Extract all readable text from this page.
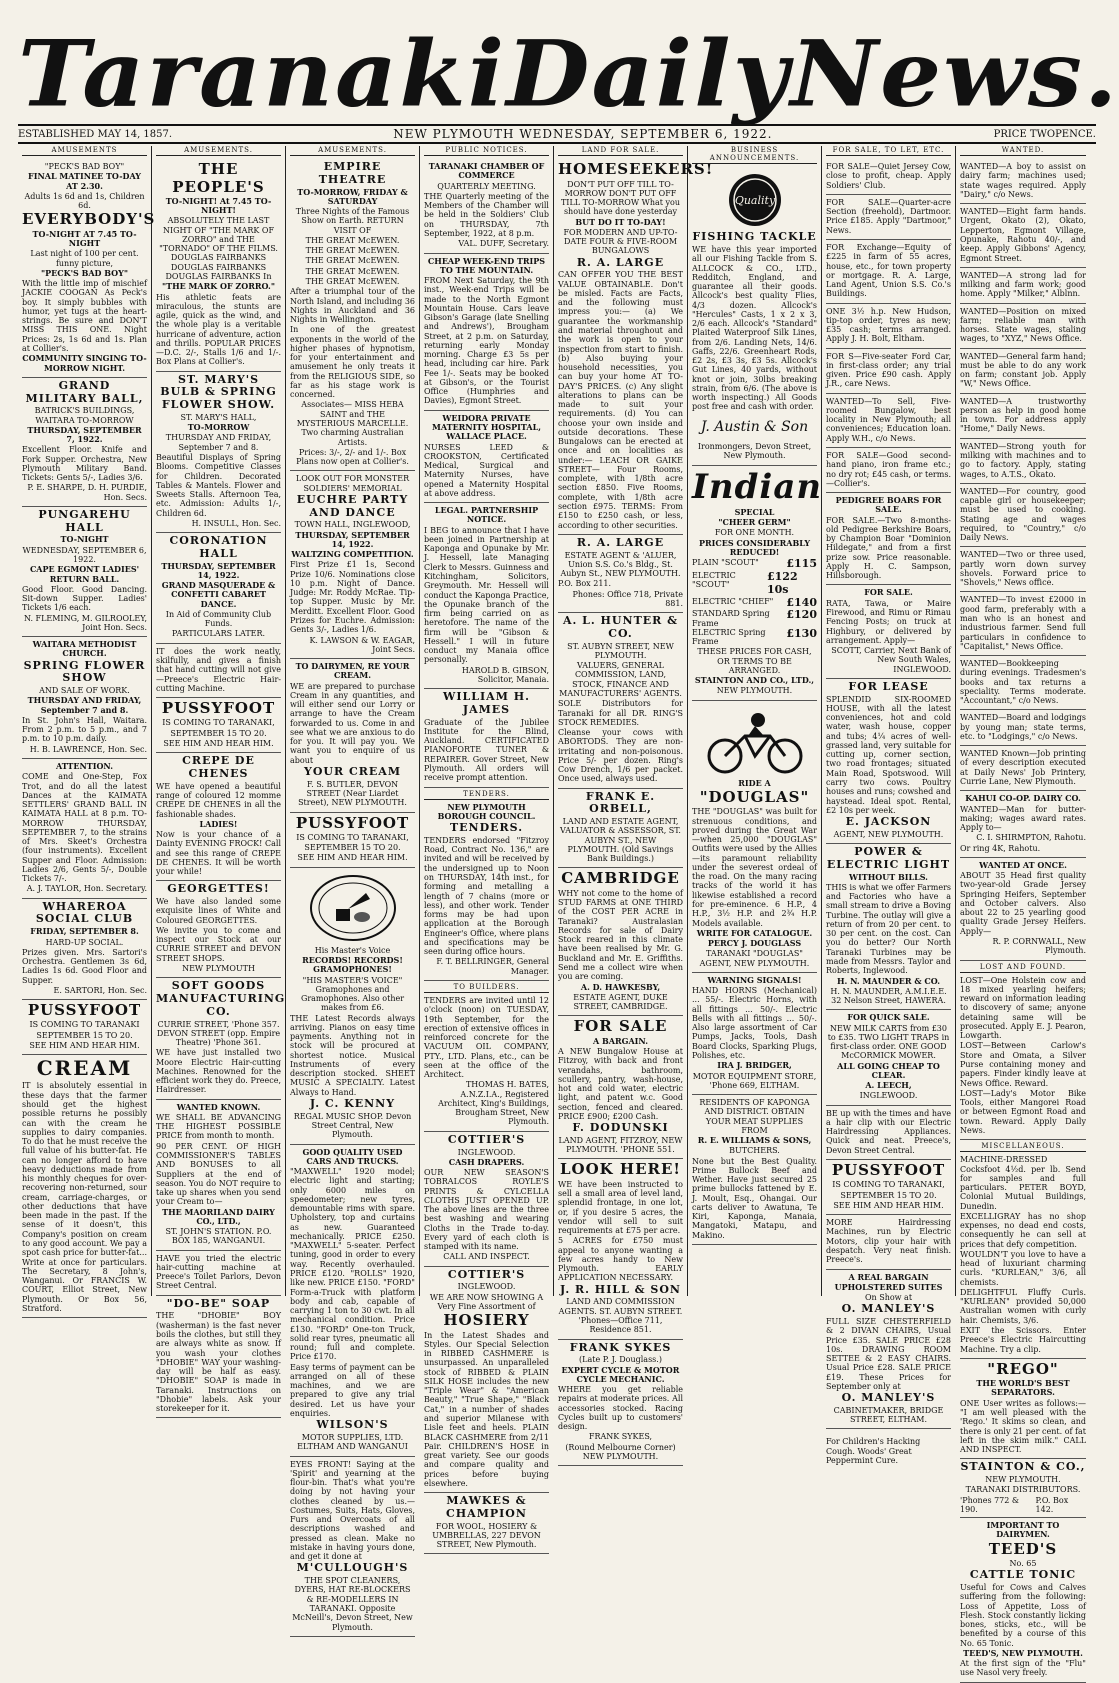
Taranaki Daily News.
ESTABLISHED MAY 14, 1857.	NEW PLYMOUTH WEDNESDAY, SEPTEMBER 6, 1922.	PRICE TWOPENCE.
AMUSEMENTS

"PECK'S BAD BOY"

FINAL MATINEE TO-DAY AT 2.30.

Adults 1s 6d and 1s, Children 6d.

EVERYBODY'S

TO-NIGHT AT 7.45 TO-NIGHT

Last night of 100 per cent. funny picture,

"PECK'S BAD BOY"

With the little imp of mischief JACKIE COOGAN As Peck's boy. It simply bubbles with humor, yet tugs at the heart-strings. Be sure and DON'T MISS THIS ONE. Night Prices: 2s, 1s 6d and 1s. Plan at Collier's.

COMMUNITY SINGING TO-MORROW NIGHT.

GRAND MILITARY BALL,

BATRICK'S BUILDINGS, WAITARA TO-MORROW

THURSDAY, SEPTEMBER 7, 1922.

Excellent Floor. Knife and Fork Supper. Orchestra, New Plymouth Military Band. Tickets: Gents 5/-, Ladies 3/6.

P. E. SHARPE, D. H. PURDIE, Hon. Secs.

PUNGAREHU HALL

TO-NIGHT

WEDNESDAY, SEPTEMBER 6, 1922.

CAPE EGMONT LADIES' RETURN BALL.

Good Floor. Good Dancing. Sit-down Supper. Ladies' Tickets 1/6 each.

N. FLEMING, M. GILROOLEY, Joint Hon. Secs.

WAITARA METHODIST CHURCH.

SPRING FLOWER SHOW

AND SALE OF WORK.

THURSDAY AND FRIDAY, September 7 and 8.

In St. John's Hall, Waitara. From 2 p.m. to 5 p.m., and 7 p.m. to 10 p.m. daily.

H. B. LAWRENCE, Hon. Sec.

ATTENTION.

COME and One-Step, Fox Trot, and do all the latest Dances at the KAIMATA SETTLERS' GRAND BALL IN KAIMATA HALL at 8 p.m. TO-MORROW THURSDAY, SEPTEMBER 7, to the strains of Mrs. Skeet's Orchestra (four instruments). Excellent Supper and Floor. Admission: Ladies 2/6, Gents 5/-, Double Tickets 7/-.

A. J. TAYLOR, Hon. Secretary.

WHAREROA SOCIAL CLUB

FRIDAY, SEPTEMBER 8.

HARD-UP SOCIAL.

Prizes given. Mrs. Sartori's Orchestra. Gentlemen 3s 6d, Ladies 1s 6d. Good Floor and Supper.

E. SARTORI, Hon. Sec.

PUSSYFOOT

IS COMING TO TARANAKI

SEPTEMBER 15 TO 20.

SEE HIM AND HEAR HIM.

CREAM

IT is absolutely essential in these days that the farmer should get the highest possible returns he possibly can with the cream he supplies to dairy companies. To do that he must receive the full value of his butter-fat. He can no longer afford to have heavy deductions made from his monthly cheques for over-recovering non-returned, sour cream, carriage-charges, or other deductions that have been made in the past. If the sense of it doesn't, this Company's position on cream to any good account. We pay a spot cash price for butter-fat... Write at once for particulars. The Secretary, 8 John's, Wanganui. Or FRANCIS W. COURT, Elliot Street, New Plymouth. Or Box 56, Stratford.

AMUSEMENTS.
THE PEOPLE'S

TO-NIGHT! At 7.45 TO-NIGHT!

ABSOLUTELY THE LAST NIGHT OF "THE MARK OF ZORRO" and THE "TORNADO" OF THE FILMS. DOUGLAS FAIRBANKS DOUGLAS FAIRBANKS DOUGLAS FAIRBANKS In

"THE MARK OF ZORRO."

His athletic feats are miraculous, the stunts are agile, quick as the wind, and the whole play is a veritable hurricane of adventure, action and thrills. POPULAR PRICES—D.C. 2/-, Stalls 1/6 and 1/-. Box Plans at Collier's.

ST. MARY'S BULB & SPRING FLOWER SHOW.

ST. MARY'S HALL,

TO-MORROW

THURSDAY AND FRIDAY, September 7 and 8.

Beautiful Displays of Spring Blooms. Competitive Classes for Children. Decorated Tables & Mantels. Flower and Sweets Stalls. Afternoon Tea, etc. Admission: Adults 1/-, Children 6d.

H. INSULL, Hon. Sec.

CORONATION HALL

THURSDAY, SEPTEMBER 14, 1922.

GRAND MASQUERADE & CONFETTI CABARET DANCE.

In Aid of Community Club Funds.

PARTICULARS LATER.

IT does the work neatly, skilfully, and gives a finish that hand cutting will not give—Preece's Electric Hair-cutting Machine.

PUSSYFOOT

IS COMING TO TARANAKI,

SEPTEMBER 15 TO 20.

SEE HIM AND HEAR HIM.

CREPE DE CHENES

WE have opened a beautiful range of coloured 12 momme CREPE DE CHENES in all the fashionable shades.

LADIES!

Now is your chance of a Dainty EVENING FROCK! Call and see this range of CREPE DE CHENES. It will be worth your while!

GEORGETTES!

We have also landed some exquisite lines of White and Coloured GEORGETTES.

We invite you to come and inspect our Stock at our CURRIE STREET and DEVON STREET SHOPS.

NEW PLYMOUTH

SOFT GOODS MANUFACTURING CO.

CURRIE STREET, 'Phone 357. DEVON STREET (opp. Empire Theatre) 'Phone 361.

WE have just installed two Moore Electric Hair-cutting Machines. Renowned for the efficient work they do. Preece, Hairdresser.

WANTED KNOWN.

WE SHALL BE ADVANCING THE HIGHEST POSSIBLE PRICE from month to month.

90 PER CENT. OF HIGH COMMISSIONER'S TABLES AND BONUSES to all Suppliers at the end of season. You do NOT require to take up shares when you send your Cream to—

THE MAORILAND DAIRY CO., LTD.,

ST. JOHN'S STATION. P.O. BOX 185, WANGANUI.

HAVE you tried the electric hair-cutting machine at Preece's Toilet Parlors, Devon Street Central.

"DO-BE" SOAP

THE "DHOBIE" BOY (washerman) is the fast never boils the clothes, but still they are always white as snow. If you wash your clothes "DHOBIE" WAY your washing-day will be half as easy. "DHOBIE" SOAP is made in Taranaki. Instructions on "Dhobie" labels. Ask your storekeeper for it.

AMUSEMENTS.
EMPIRE THEATRE

TO-MORROW, FRIDAY & SATURDAY

Three Nights of the Famous Show on Earth. RETURN VISIT OF

THE GREAT McEWEN.

THE GREAT McEWEN.

THE GREAT McEWEN.

THE GREAT McEWEN.

THE GREAT McEWEN.

After a triumphal tour of the North Island, and including 36 Nights in Auckland and 36 Nights in Wellington.

In one of the greatest exponents in the world of the higher phases of hypnotism, for your entertainment and amusement he only treats it from the RELIGIOUS SIDE, so far as his stage work is concerned.

Associates— MISS HEBA SAINT and THE MYSTERIOUS MARCELLE. Two charming Australian Artists.

Prices: 3/-, 2/- and 1/-. Box Plans now open at Collier's.

LOOK OUT FOR MONSTER SOLDIERS' MEMORIAL

EUCHRE PARTY AND DANCE

TOWN HALL, INGLEWOOD,

THURSDAY, SEPTEMBER 14, 1922.

WALTZING COMPETITION.

First Prize £1 1s, Second Prize 10/6. Nominations close 10 p.m. Night of Dance. Judge: Mr. Roddy McRae. Tip-top Supper. Music by Mr. Merditt. Excellent Floor. Good Prizes for Euchre. Admission: Gents 3/-, Ladies 1/6.

K. LAWSON & W. EAGAR, Joint Secs.

TO DAIRYMEN, RE YOUR CREAM.

WE are prepared to purchase Cream in any quantities, and will either send our Lorry or arrange to have the Cream forwarded to us. Come in and see what we are anxious to do for you. It will pay you. We want you to enquire of us about

YOUR CREAM

F. S. BUTLER, DEVON STREET (Near Liardet Street), NEW PLYMOUTH.

PUSSYFOOT

IS COMING TO TARANAKI,

SEPTEMBER 15 TO 20.

SEE HIM AND HEAR HIM.

His Master's Voice

RECORDS! RECORDS! GRAMOPHONES!

"HIS MASTER'S VOICE" Gramophones and Gramophones. Also other makes from £6.

THE Latest Records always arriving. Pianos on easy time payments. Anything not in stock will be procured at shortest notice. Musical Instruments of every description stocked. SHEET MUSIC A SPECIALTY. Latest Always to Hand.

J. C. KENNY

REGAL MUSIC SHOP. Devon Street Central, New Plymouth.

GOOD QUALITY USED CARS AND TRUCKS.

"MAXWELL" 1920 model; electric light and starting; only 6000 miles on speedometer; new tyres, demountable rims with spare. Upholstery, top and curtains as new. Guaranteed mechanically. PRICE £250. "MAXWELL" 5-seater. Perfect tuning, good in order to every way. Recently overhauled. PRICE £120. "ROLLS" 1920, like new. PRICE £150. "FORD" Form-a-Truck with platform body and cab, capable of carrying 1 ton to 30 cwt. In all mechanical condition. Price £130. "FORD" One-ton Truck, solid rear tyres, pneumatic all round; full and complete. Price £170.

Easy terms of payment can be arranged on all of these machines, and we are prepared to give any trial desired. Let us have your enquiries.

WILSON'S

MOTOR SUPPLIES, LTD. ELTHAM AND WANGANUI

EYES FRONT! Saying at the 'Spirit' and yearning at the flour-bin. That's what you're doing by not having your clothes cleaned by us.—Costumes, Suits, Hats, Gloves, Furs and Overcoats of all descriptions washed and pressed as clean. Make no mistake in having yours done, and get it done at

M'CULLOUGH'S

THE SPOT CLEANERS, DYERS, HAT RE-BLOCKERS & RE-MODELLERS IN TARANAKI. Opposite McNeill's, Devon Street, New Plymouth.

PUBLIC NOTICES.

TARANAKI CHAMBER OF COMMERCE

QUARTERLY MEETING.

THE Quarterly meeting of the Members of the Chamber will be held in the Soldiers' Club on THURSDAY, 7th September, 1922, at 8 p.m.

VAL. DUFF, Secretary.

CHEAP WEEK-END TRIPS TO THE MOUNTAIN.

FROM Next Saturday, the 9th inst., Week-end Trips will be made to the North Egmont Mountain House. Cars leave Gibson's Garage (late Snelling and Andrews'), Brougham Street, at 2 p.m. on Saturday, returning early Monday morning. Charge £3 5s per head, including car hire. Park Fee 1/-. Seats may be booked at Gibson's, or the Tourist Office (Humphries and Davies), Egmont Street.

WEIDORA PRIVATE MATERNITY HOSPITAL, WALLACE PLACE.

NURSES LEED & CROOKSTON, Certificated Medical, Surgical and Maternity Nurses, have opened a Maternity Hospital at above address.

LEGAL. PARTNERSHIP NOTICE.

I BEG to announce that I have been joined in Partnership at Kaponga and Opunake by Mr. J. Hessell, late Managing Clerk to Messrs. Guinness and Kitchingham, Solicitors, Greymouth. Mr. Hessell will conduct the Kaponga Practice, the Opunake branch of the firm being carried on as heretofore. The name of the firm will be "Gibson & Hessell." I will in future conduct my Manaia office personally.

HAROLD B. GIBSON, Solicitor, Manaia.

WILLIAM H. JAMES

Graduate of the Jubilee Institute for the Blind, Auckland. CERTIFICATED PIANOFORTE TUNER & REPAIRER. Gover Street, New Plymouth. All orders will receive prompt attention.

TENDERS.

NEW PLYMOUTH BOROUGH COUNCIL.

TENDERS.

TENDERS endorsed "Fitzroy Road, Contract No. 136," are invited and will be received by the undersigned up to Noon on THURSDAY, 14th inst., for forming and metalling a length of 7 chains (more or less), and other work. Tender forms may be had upon application at the Borough Engineer's Office, where plans and specifications may be seen during office hours.

F. T. BELLRINGER, General Manager.

TO BUILDERS.

TENDERS are invited until 12 o'clock (noon) on TUESDAY, 19th September, for the erection of extensive offices in reinforced concrete for the VACUUM OIL COMPANY, PTY., LTD. Plans, etc., can be seen at the office of the Architect.

THOMAS H. BATES, A.N.Z.I.A., Registered Architect, King's Buildings, Brougham Street, New Plymouth.

COTTIER'S

INGLEWOOD.

CASH DRAPERS.

OUR NEW SEASON'S TOBRALCOS ROYLE'S PRINTS & CYLCELLA CLOTHS JUST OPENED UP. The above lines are the three best washing and wearing Cloths in the Trade to-day. Every yard of each cloth is stamped with its name.

CALL AND INSPECT.

COTTIER'S

INGLEWOOD.

WE ARE NOW SHOWING A Very Fine Assortment of

HOSIERY

In the Latest Shades and Styles. Our Special Selection in RIBBED CASHMERE is unsurpassed. An unparalleled stock of RIBBED & PLAIN SILK HOSE includes the new "Triple Wear" & "American Beauty," "True Shape," "Black Cat," in a number of shades and superior Milanese with Lisle feet and heels. PLAIN BLACK CASHMERE from 2/11 Pair. CHILDREN'S HOSE in great variety. See our goods and compare quality and prices before buying elsewhere.

MAWKES & CHAMPION

FOR WOOL, HOSIERY & UMBRELLAS, 227 DEVON STREET, New Plymouth.

LAND FOR SALE.
HOMESEEKERS!

DON'T PUT OFF TILL TO-MORROW DON'T PUT OFF TILL TO-MORROW What you should have done yesterday

BUT DO IT TO-DAY!

FOR MODERN AND UP-TO-DATE FOUR & FIVE-ROOM BUNGALOWS

R. A. LARGE

CAN OFFER YOU THE BEST VALUE OBTAINABLE. Don't be misled. Facts are Facts, and the following must impress you:— (a) We guarantee the workmanship and material throughout and the work is open to your inspection from start to finish. (b) Also buying your household necessities, you can buy your home AT TO-DAY'S PRICES. (c) Any slight alterations to plans can be made to suit your requirements. (d) You can choose your own inside and outside decorations. These Bungalows can be erected at once and on localities as under:— LEACH OR GAIKE STREET— Four Rooms, complete, with 1/8th acre section £850. Five Rooms, complete, with 1/8th acre section £975. TERMS: From £150 to £250 cash, or less, according to other securities.

R. A. LARGE

ESTATE AGENT & 'ALUER, Union S.S. Co.'s Bldg., St. Aubyn St., NEW PLYMOUTH.

P.O. Box 211.

Phones: Office 718, Private 881.

A. L. HUNTER & CO.

ST. AUBYN STREET, NEW PLYMOUTH.

VALUERS, GENERAL COMMISSION, LAND, STOCK, FINANCE AND MANUFACTURERS' AGENTS.

SOLE Distributors for Taranaki for all DR. RING'S STOCK REMEDIES.

Cleanse your cows with ABORTODS. They are non-irritating and non-poisonous. Price 5/- per dozen. Ring's Cow Drench, 1/6 per packet. Once used, always used.

FRANK E. ORBELL,

LAND AND ESTATE AGENT, VALUATOR & ASSESSOR, ST. AUBYN ST., NEW PLYMOUTH. (Old Savings Bank Buildings.)

CAMBRIDGE

WHY not come to the home of STUD FARMS at ONE THIRD of the COST PER ACRE in Taranaki? Australasian Records for sale of Dairy Stock reared in this climate have been realised by Mr. G. Buckland and Mr. E. Griffiths. Send me a collect wire when you are coming.

A. D. HAWKESBY,

ESTATE AGENT, DUKE STREET, CAMBRIDGE.

FOR SALE

A BARGAIN.

A NEW Bungalow House at Fitzroy, with back and front verandahs, bathroom, scullery, pantry, wash-house, hot and cold water, electric light, and patent w.c. Good section, fenced and cleared. PRICE £900; £200 Cash.

F. DODUNSKI

LAND AGENT, FITZROY, NEW PLYMOUTH. 'PHONE 551.

LOOK HERE!

WE have been instructed to sell a small area of level land, splendid frontage, in one lot, or, if you desire 5 acres, the vendor will sell to suit requirements at £75 per acre.

5 ACRES for £750 must appeal to anyone wanting a few acres handy to New Plymouth. EARLY APPLICATION NECESSARY.

J. R. HILL & SON

LAND AND COMMISSION AGENTS. ST. AUBYN STREET. 'Phones—Office 711, Residence 851.

FRANK SYKES

(Late P. J. Douglass.)

EXPERT CYCLE & MOTOR CYCLE MECHANIC.

WHERE you get reliable repairs at moderate prices. All accessories stocked. Racing Cycles built up to customers' design.

FRANK SYKES,

(Round Melbourne Corner) NEW PLYMOUTH.

BUSINESS ANNOUNCEMENTS.
Quality
FISHING TACKLE

WE have this year imported all our Fishing Tackle from S. ALLCOCK & CO., LTD., Redditch, England, and guarantee all their goods. Allcock's best quality Flies, 4/3 dozen. Allcock's "Hercules" Casts, 1 x 2 x 3, 2/6 each. Allcock's "Standard" Plaited Waterproof Silk Lines, from 2/6. Landing Nets, 14/6. Gaffs, 22/6. Greenheart Rods, £2 2s, £3 3s, £3 5s. Allcock's Gut Lines, 40 yards, without knot or join, 30lbs breaking strain, from 6/6. (The above is worth inspecting.) All Goods post free and cash with order.

J. Austin & Son

Ironmongers, Devon Street, New Plymouth.

Indian

SPECIAL

"CHEER GERM"

FOR ONE MONTH.

PRICES CONSIDERABLY REDUCED!

PLAIN "SCOUT"	£115
ELECTRIC "SCOUT"
£122 10s
ELECTRIC "CHIEF" £140
STANDARD Spring Frame
£120
ELECTRIC Spring Frame
£130

THESE PRICES FOR CASH, OR TERMS TO BE ARRANGED.

STAINTON AND CO., LTD.,

NEW PLYMOUTH.

RIDE A

"DOUGLAS"

THE "DOUGLAS" was built for strenuous conditions, and proved during the Great War—when 25,000 "DOUGLAS" Outfits were used by the Allies—its paramount reliability under the severest ordeal of the road. On the many racing tracks of the world it has likewise established a record for pre-eminence. 6 H.P., 4 H.P., 3½ H.P. and 2¾ H.P. Models available.

WRITE FOR CATALOGUE.

PERCY J. DOUGLASS

TARANAKI "DOUGLAS" AGENT, NEW PLYMOUTH.

WARNING SIGNALS!

HAND HORNS (Mechanical) ... 55/-. Electric Horns, with all fittings ... 50/-. Electric Bells with all fittings ... 50/-. Also large assortment of Car Pumps, Jacks, Tools, Dash Board Clocks, Sparking Plugs, Polishes, etc.

IRA J. BRIDGER,

MOTOR EQUIPMENT STORE, 'Phone 669, ELTHAM.

RESIDENTS OF KAPONGA AND DISTRICT. OBTAIN YOUR MEAT SUPPLIES FROM

R. E. WILLIAMS & SONS,

BUTCHERS.

None but the Best Quality. Prime Bullock Beef and Wether. Have just secured 25 prime bullocks fattened by E. J. Moult, Esq., Ohangai. Our carts deliver to Awatuna, Te Kiri, Kaponga, Manaia, Mangatoki, Matapu, and Makino.

FOR SALE, TO LET, ETC.

FOR SALE—Quiet Jersey Cow, close to profit, cheap. Apply Soldiers' Club.

FOR SALE—Quarter-acre Section (freehold), Dartmoor. Price £185. Apply "Dartmoor," News.

FOR Exchange—Equity of £225 in farm of 55 acres, house, etc., for town property or mortgage. R. A. Large, Land Agent, Union S.S. Co.'s Buildings.

ONE 3½ h.p. New Hudson, tip-top order, tyres as new; £35 cash; terms arranged. Apply J. H. Bolt, Eltham.

FOR S—Five-seater Ford Car, in first-class order; any trial given. Price £90 cash. Apply J.R., care News.

WANTED—To Sell, Five-roomed Bungalow, best locality in New Plymouth; all conveniences; Education loan. Apply W.H., c/o News.

FOR SALE—Good second-hand piano, iron frame etc.; no dry rot; £45 cash, or terms.—Collier's.

PEDIGREE BOARS FOR SALE.

FOR SALE.—Two 8-months-old Pedigree Berkshire Boars, by Champion Boar "Dominion Hildegate," and from a first prize sow. Price reasonable. Apply H. C. Sampson, Hillsborough.

FOR SALE.

RATA, Tawa, or Maire Firewood, and Rimu or Rimau Fencing Posts; on truck at Highbury, or delivered by arrangement. Apply—

SCOTT, Carrier, Next Bank of New South Wales, INGLEWOOD.

FOR LEASE

SPLENDID SIX-ROOMED HOUSE, with all the latest conveniences, hot and cold water, wash house, copper and tubs; 4¼ acres of well-grassed land, very suitable for cutting up, corner section, two road frontages; situated Main Road, Spotswood. Will carry two cows. Poultry houses and runs; cowshed and haystead. Ideal spot. Rental, £2 10s per week.

E. JACKSON

AGENT, NEW PLYMOUTH.

POWER & ELECTRIC LIGHT

WITHOUT BILLS.

THIS is what we offer Farmers and Factories who have a small stream to drive a Boving Turbine. The outlay will give a return of from 20 per cent. to 30 per cent. on the cost. Can you do better? Our North Taranaki Turbines may be made from Messrs. Taylor and Roberts, Inglewood.

H. N. MAUNDER & CO.

H. N. MAUNDER, A.M.I.E.E. 32 Nelson Street, HAWERA.

FOR QUICK SALE.

NEW MILK CARTS from £30 to £35. TWO LIGHT TRAPS in first-class order. ONE GOOD McCORMICK MOWER.

ALL GOING CHEAP TO CLEAR.

A. LEECH,

INGLEWOOD.

BE up with the times and have a hair clip with our Electric Hairdressing Appliances. Quick and neat. Preece's, Devon Street Central.

PUSSYFOOT

IS COMING TO TARANAKI,

SEPTEMBER 15 TO 20.

SEE HIM AND HEAR HIM.

MORE Hairdressing Machines, run by Electric Motors, clip your hair with despatch. Very neat finish. Preece's.

A REAL BARGAIN

UPHOLSTERED SUITES

On Show at

O. MANLEY'S

FULL SIZE CHESTERFIELD & 2 DIVAN CHAIRS, Usual Price £35. SALE PRICE £28 10s. DRAWING ROOM SETTEE & 2 EASY CHAIRS. Usual Price £28. SALE PRICE £19. These Prices for September only at

O. MANLEY'S

CABINETMAKER, BRIDGE STREET, ELTHAM.

For Children's Hacking Cough. Woods' Great Peppermint Cure.

WANTED.

WANTED—A boy to assist on dairy farm; machines used; state wages required. Apply "Dairy," c/o News.

WANTED—Eight farm hands. Urgent, Okato (2), Okato, Lepperton, Egmont Village, Opunake, Rahotu 40/-, and keep. Apply Gibbons' Agency, Egmont Street.

WANTED—A strong lad for milking and farm work; good home. Apply "Milker," Alblnn.

WANTED—Position on mixed farm; reliable man with horses. State wages, staling wages, to "XYZ," News Office.

WANTED—General farm hand; must be able to do any work on farm; constant job. Apply "W," News Office.

WANTED—A trustworthy person as help in good home in town. For address apply "Home," Daily News.

WANTED—Strong youth for milking with machines and to go to factory. Apply, stating wages, to A.T.S., Okato.

WANTED—For country, good capable girl or housekeeper; must be used to cooking. Stating age and wages required, to "Country," c/o Daily News.

WANTED—Two or three used, partly worn down survey shovels. Forward price to "Shovels," News office.

WANTED—To invest £2000 in good farm, preferably with a man who is an honest and industrious farmer. Send full particulars in confidence to "Capitalist," News Office.

WANTED—Bookkeeping during evenings. Tradesmen's books and tax returns a speciality. Terms moderate. "Accountant," c/o News.

WANTED—Board and lodgings by young man; state terms, etc. to "Lodgings," c/o News.

WANTED Known—Job printing of every description executed at Daily News' Job Printery, Currie Lane, New Plymouth.

KAHUI CO-OP. DAIRY CO.

WANTED—Man for butter-making; wages award rates. Apply to—

C. I. SHIRMPTON, Rahotu.

Or ring 4K, Rahotu.

WANTED AT ONCE.

ABOUT 35 Head first quality two-year-old Grade Jersey Springing Heifers, September and October calvers. Also about 22 to 25 yearling good quality Grade Jersey Heifers. Apply—

R. P. CORNWALL, New Plymouth.

LOST AND FOUND.

LOST—One Holstein cow and 18 mixed yearling heifers; reward on information leading to discovery of same; anyone detaining same will be prosecuted. Apply E. J. Pearon, Lowgarth.

LOST—Between Carlow's Store and Omata, a Silver Purse containing money and papers. Finder kindly leave at News Office. Reward.

LOST—Lady's Motor Bike Tools, either Mangorei Road or between Egmont Road and town. Reward. Apply Daily News.

MISCELLANEOUS.

MACHINE-DRESSED Cocksfoot 4½d. per lb. Send for samples and full particulars. PETER BOYD, Colonial Mutual Buildings, Dunedin.

EXCELLIGRAY has no shop expenses, no dead end costs, consequently he can sell at prices that defy competition.

WOULDN'T you love to have a head of luxuriant charming curls. "KURLEAN," 3/6, all chemists.

DELIGHTFUL Fluffy Curls. "KURLEAN" provided 50,000 Australian women with curly hair. Chemists, 3/6.

EXIT the Scissors. Enter Preece's Electric Haircutting Machine. Try a clip.

"REGO"

THE WORLD'S BEST SEPARATORS.

ONE User writes as follows:— "I am well pleased with the 'Rego.' It skims so clean, and there is only 21 per cent. of fat left in the skim milk." CALL AND INSPECT.

STAINTON & CO.,

NEW PLYMOUTH.

TARANAKI DISTRIBUTORS.

'Phones 772 & 190.
P.O. Box 142.

IMPORTANT TO DAIRYMEN.

TEED'S

No. 65

CATTLE TONIC

Useful for Cows and Calves suffering from the following: Loss of Appetite, Loss of Flesh. Stock constantly licking bones, sticks, etc., will be benefited by a course of this No. 65 Tonic.

TEED'S, NEW PLYMOUTH.

At the first sign of the "Flu" use Nasol very freely.
